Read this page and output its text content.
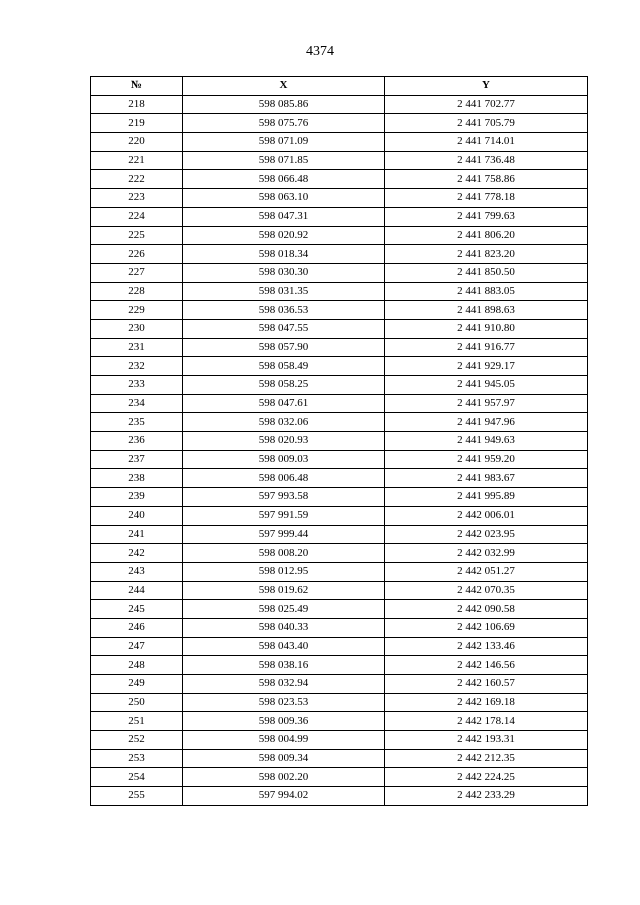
4374
№	X	Y
218	598 085.86	2 441 702.77
219	598 075.76	2 441 705.79
220	598 071.09	2 441 714.01
221	598 071.85	2 441 736.48
222	598 066.48	2 441 758.86
223	598 063.10	2 441 778.18
224	598 047.31	2 441 799.63
225	598 020.92	2 441 806.20
226	598 018.34	2 441 823.20
227	598 030.30	2 441 850.50
228	598 031.35	2 441 883.05
229	598 036.53	2 441 898.63
230	598 047.55	2 441 910.80
231	598 057.90	2 441 916.77
232	598 058.49	2 441 929.17
233	598 058.25	2 441 945.05
234	598 047.61	2 441 957.97
235	598 032.06	2 441 947.96
236	598 020.93	2 441 949.63
237	598 009.03	2 441 959.20
238	598 006.48	2 441 983.67
239	597 993.58	2 441 995.89
240	597 991.59	2 442 006.01
241	597 999.44	2 442 023.95
242	598 008.20	2 442 032.99
243	598 012.95	2 442 051.27
244	598 019.62	2 442 070.35
245	598 025.49	2 442 090.58
246	598 040.33	2 442 106.69
247	598 043.40	2 442 133.46
248	598 038.16	2 442 146.56
249	598 032.94	2 442 160.57
250	598 023.53	2 442 169.18
251	598 009.36	2 442 178.14
252	598 004.99	2 442 193.31
253	598 009.34	2 442 212.35
254	598 002.20	2 442 224.25
255	597 994.02	2 442 233.29
